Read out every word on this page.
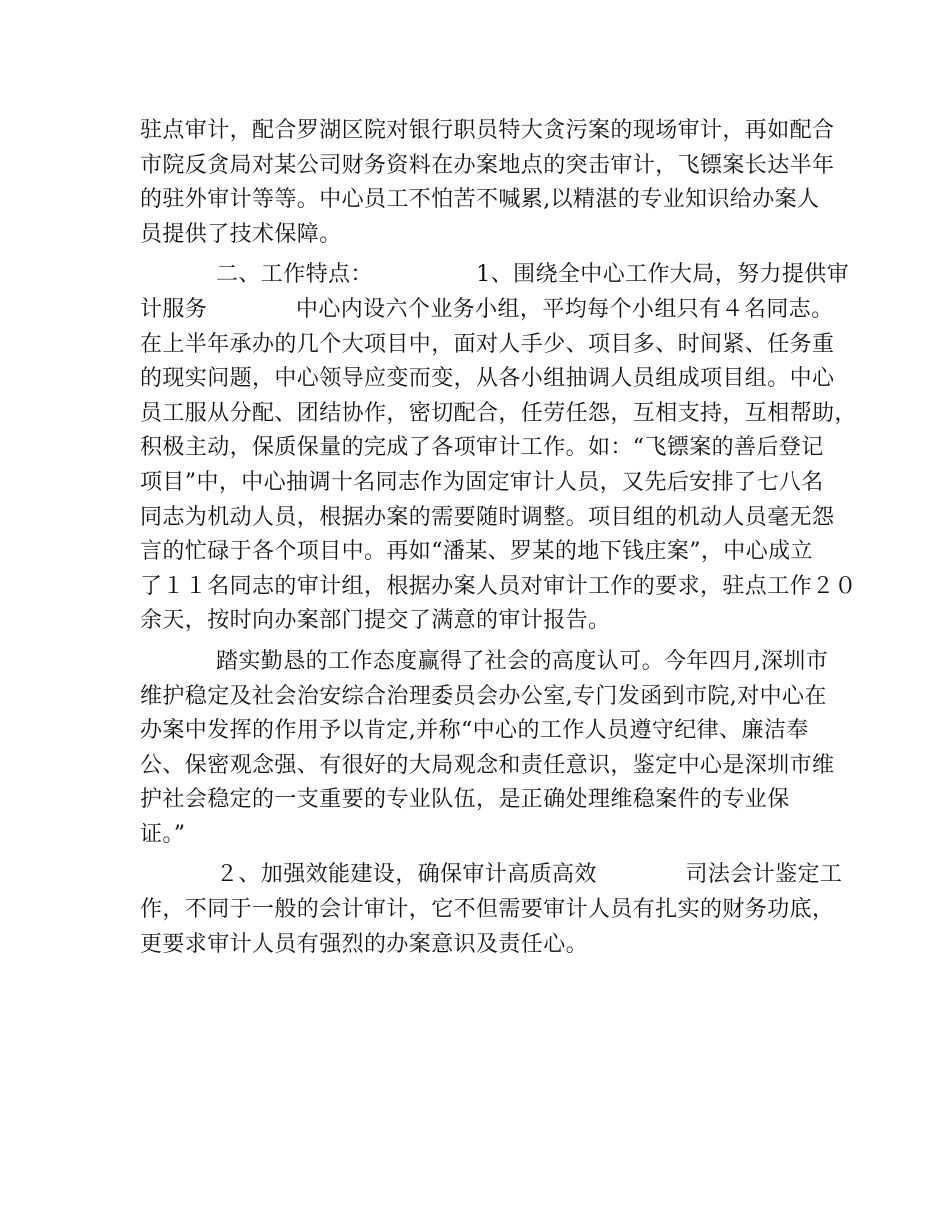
驻点审计，配合罗湖区院对银行职员特大贪污案的现场审计，再如配合
市院反贪局对某公司财务资料在办案地点的突击审计，飞镖案长达半年
的驻外审计等等。中心员工不怕苦不喊累,以精湛的专业知识给办案人
员提供了技术保障。
二、工作特点：              1、围绕全中心工作大局，努力提供审
计服务            中心内设六个业务小组，平均每个小组只有４名同志。
在上半年承办的几个大项目中，面对人手少、项目多、时间紧、任务重
的现实问题，中心领导应变而变，从各小组抽调人员组成项目组。中心
员工服从分配、团结协作，密切配合，任劳任怨，互相支持，互相帮助，
积极主动，保质保量的完成了各项审计工作。如：“飞镖案的善后登记
项目”中，中心抽调十名同志作为固定审计人员，又先后安排了七八名
同志为机动人员，根据办案的需要随时调整。项目组的机动人员毫无怨
言的忙碌于各个项目中。再如“潘某、罗某的地下钱庄案”，中心成立
了１１名同志的审计组，根据办案人员对审计工作的要求，驻点工作２０
余天，按时向办案部门提交了满意的审计报告。
踏实勤恳的工作态度赢得了社会的高度认可。今年四月,深圳市
维护稳定及社会治安综合治理委员会办公室,专门发函到市院,对中心在
办案中发挥的作用予以肯定,并称“中心的工作人员遵守纪律、廉洁奉
公、保密观念强、有很好的大局观念和责任意识，鉴定中心是深圳市维
护社会稳定的一支重要的专业队伍，是正确处理维稳案件的专业保
证。”
２、加强效能建设，确保审计高质高效            司法会计鉴定工
作，不同于一般的会计审计，它不但需要审计人员有扎实的财务功底，
更要求审计人员有强烈的办案意识及责任心。
